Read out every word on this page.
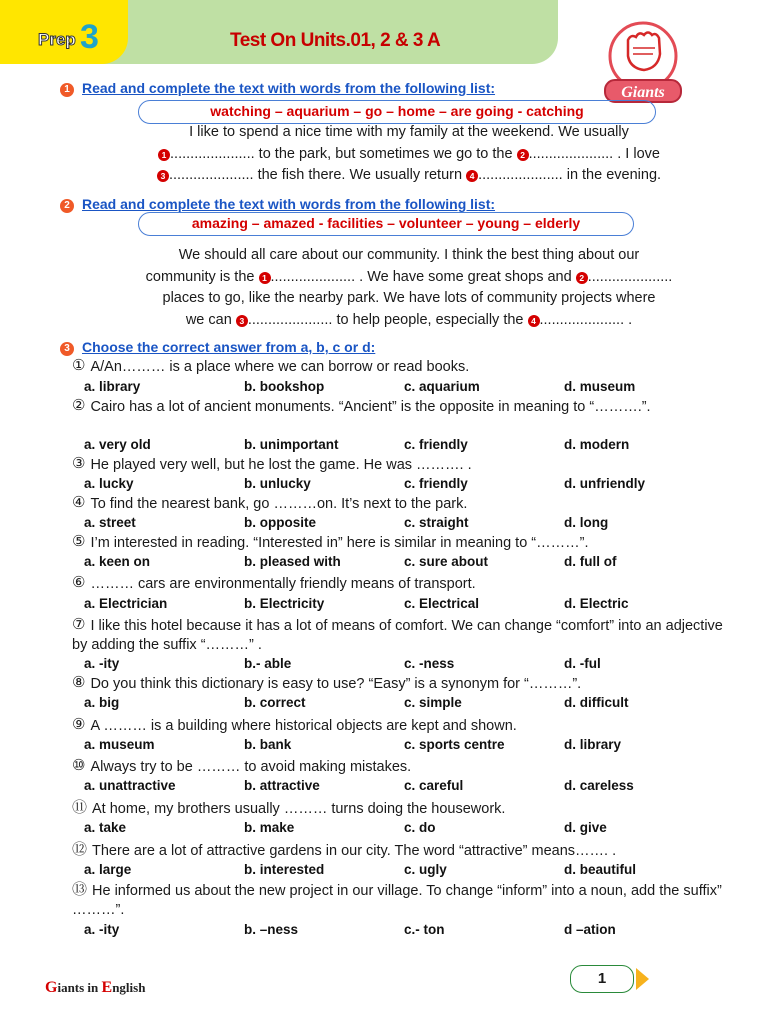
Prep 3	Test On Units.01, 2 & 3 A
Giants
1 Read and complete the text with words from the following list:
watching – aquarium – go – home – are going - catching
I like to spend a nice time with my family at the weekend. We usually
1 ..................... to the park, but sometimes we go to the 2 ..................... . I love
3 ..................... the fish there. We usually return 4 ..................... in the evening.
2 Read and complete the text with words from the following list:
amazing – amazed - facilities – volunteer – young – elderly
We should all care about our community. I think the best thing about our
community is the 1 ..................... . We have some great shops and 2 .....................
places to go, like the nearby park. We have lots of community projects where
we can 3 ..................... to help people, especially the 4 ..................... .
3 Choose the correct answer from a, b, c or d:
① A/An……… is a place where we can borrow or read books.
a. library	b. bookshop	c. aquarium	d. museum
② Cairo has a lot of ancient monuments. “Ancient” is the opposite in meaning to “……….”.
a. very old	b. unimportant	c. friendly	d. modern
③ He played very well, but he lost the game. He was ………. .
a. lucky	b. unlucky	c. friendly	d. unfriendly
④ To find the nearest bank, go ………on. It’s next to the park.
a. street	b. opposite	c. straight	d. long
⑤ I’m interested in reading. “Interested in” here is similar in meaning to “………”.
a. keen on	b. pleased with	c. sure about	d. full of
⑥ ……… cars are environmentally friendly means of transport.
a. Electrician	b. Electricity	c. Electrical	d. Electric
⑦ I like this hotel because it has a lot of means of comfort. We can change “comfort” into an adjective by adding the suffix “………” .
a. -ity	b.- able	c. -ness	d. -ful
⑧ Do you think this dictionary is easy to use? “Easy” is a synonym for “………”.
a. big	b. correct	c. simple	d. difficult
⑨ A ……… is a building where historical objects are kept and shown.
a. museum	b. bank	c. sports centre	d. library
⑩ Always try to be ……… to avoid making mistakes.
a. unattractive	b. attractive	c. careful	d. careless
⑪ At home, my brothers usually ……… turns doing the housework.
a. take	b. make	c. do	d. give
⑫ There are a lot of attractive gardens in our city. The word “attractive” means……. .
a. large	b. interested	c. ugly	d. beautiful
⑬ He informed us about the new project in our village. To change “inform” into a noun, add the suffix” ………”.
a. -ity	b. –ness	c.- ton	d –ation
Giants in English
1
